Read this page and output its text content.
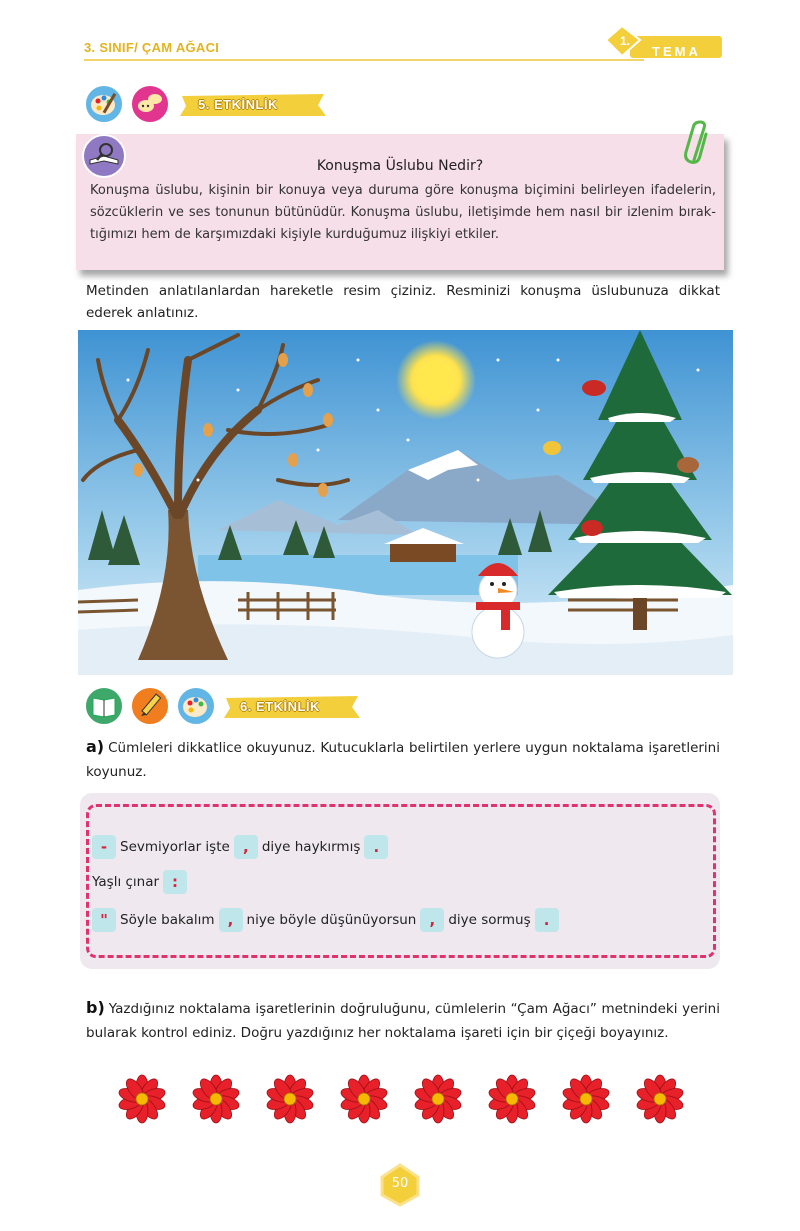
3. SINIF/ ÇAM AĞACI	1.
TEMA
5. ETKİNLİK
Konuşma Üslubu Nedir?
Konuşma üslubu, kişinin bir konuya veya duruma göre konuşma biçimini belirleyen ifadelerin, sözcüklerin ve ses tonunun bütünüdür. Konuşma üslubu, iletişimde hem nasıl bir izlenim bırak-tığımızı hem de karşımızdaki kişiyle kurduğumuz ilişkiyi etkiler.
Metinden anlatılanlardan hareketle resim çiziniz. Resminizi konuşma üslubunuza dikkat ederek anlatınız.
6. ETKİNLİK
a) Cümleleri dikkatlice okuyunuz. Kutucuklarla belirtilen yerlere uygun noktalama işaretlerini koyunuz.
- Sevmiyorlar işte , diye haykırmış .
Yaşlı çınar :
" Söyle bakalım , niye böyle düşünüyorsun , diye sormuş .
b) Yazdığınız noktalama işaretlerinin doğruluğunu, cümlelerin “Çam Ağacı” metnindeki yerini bularak kontrol ediniz. Doğru yazdığınız her noktalama işareti için bir çiçeği boyayınız.
50
